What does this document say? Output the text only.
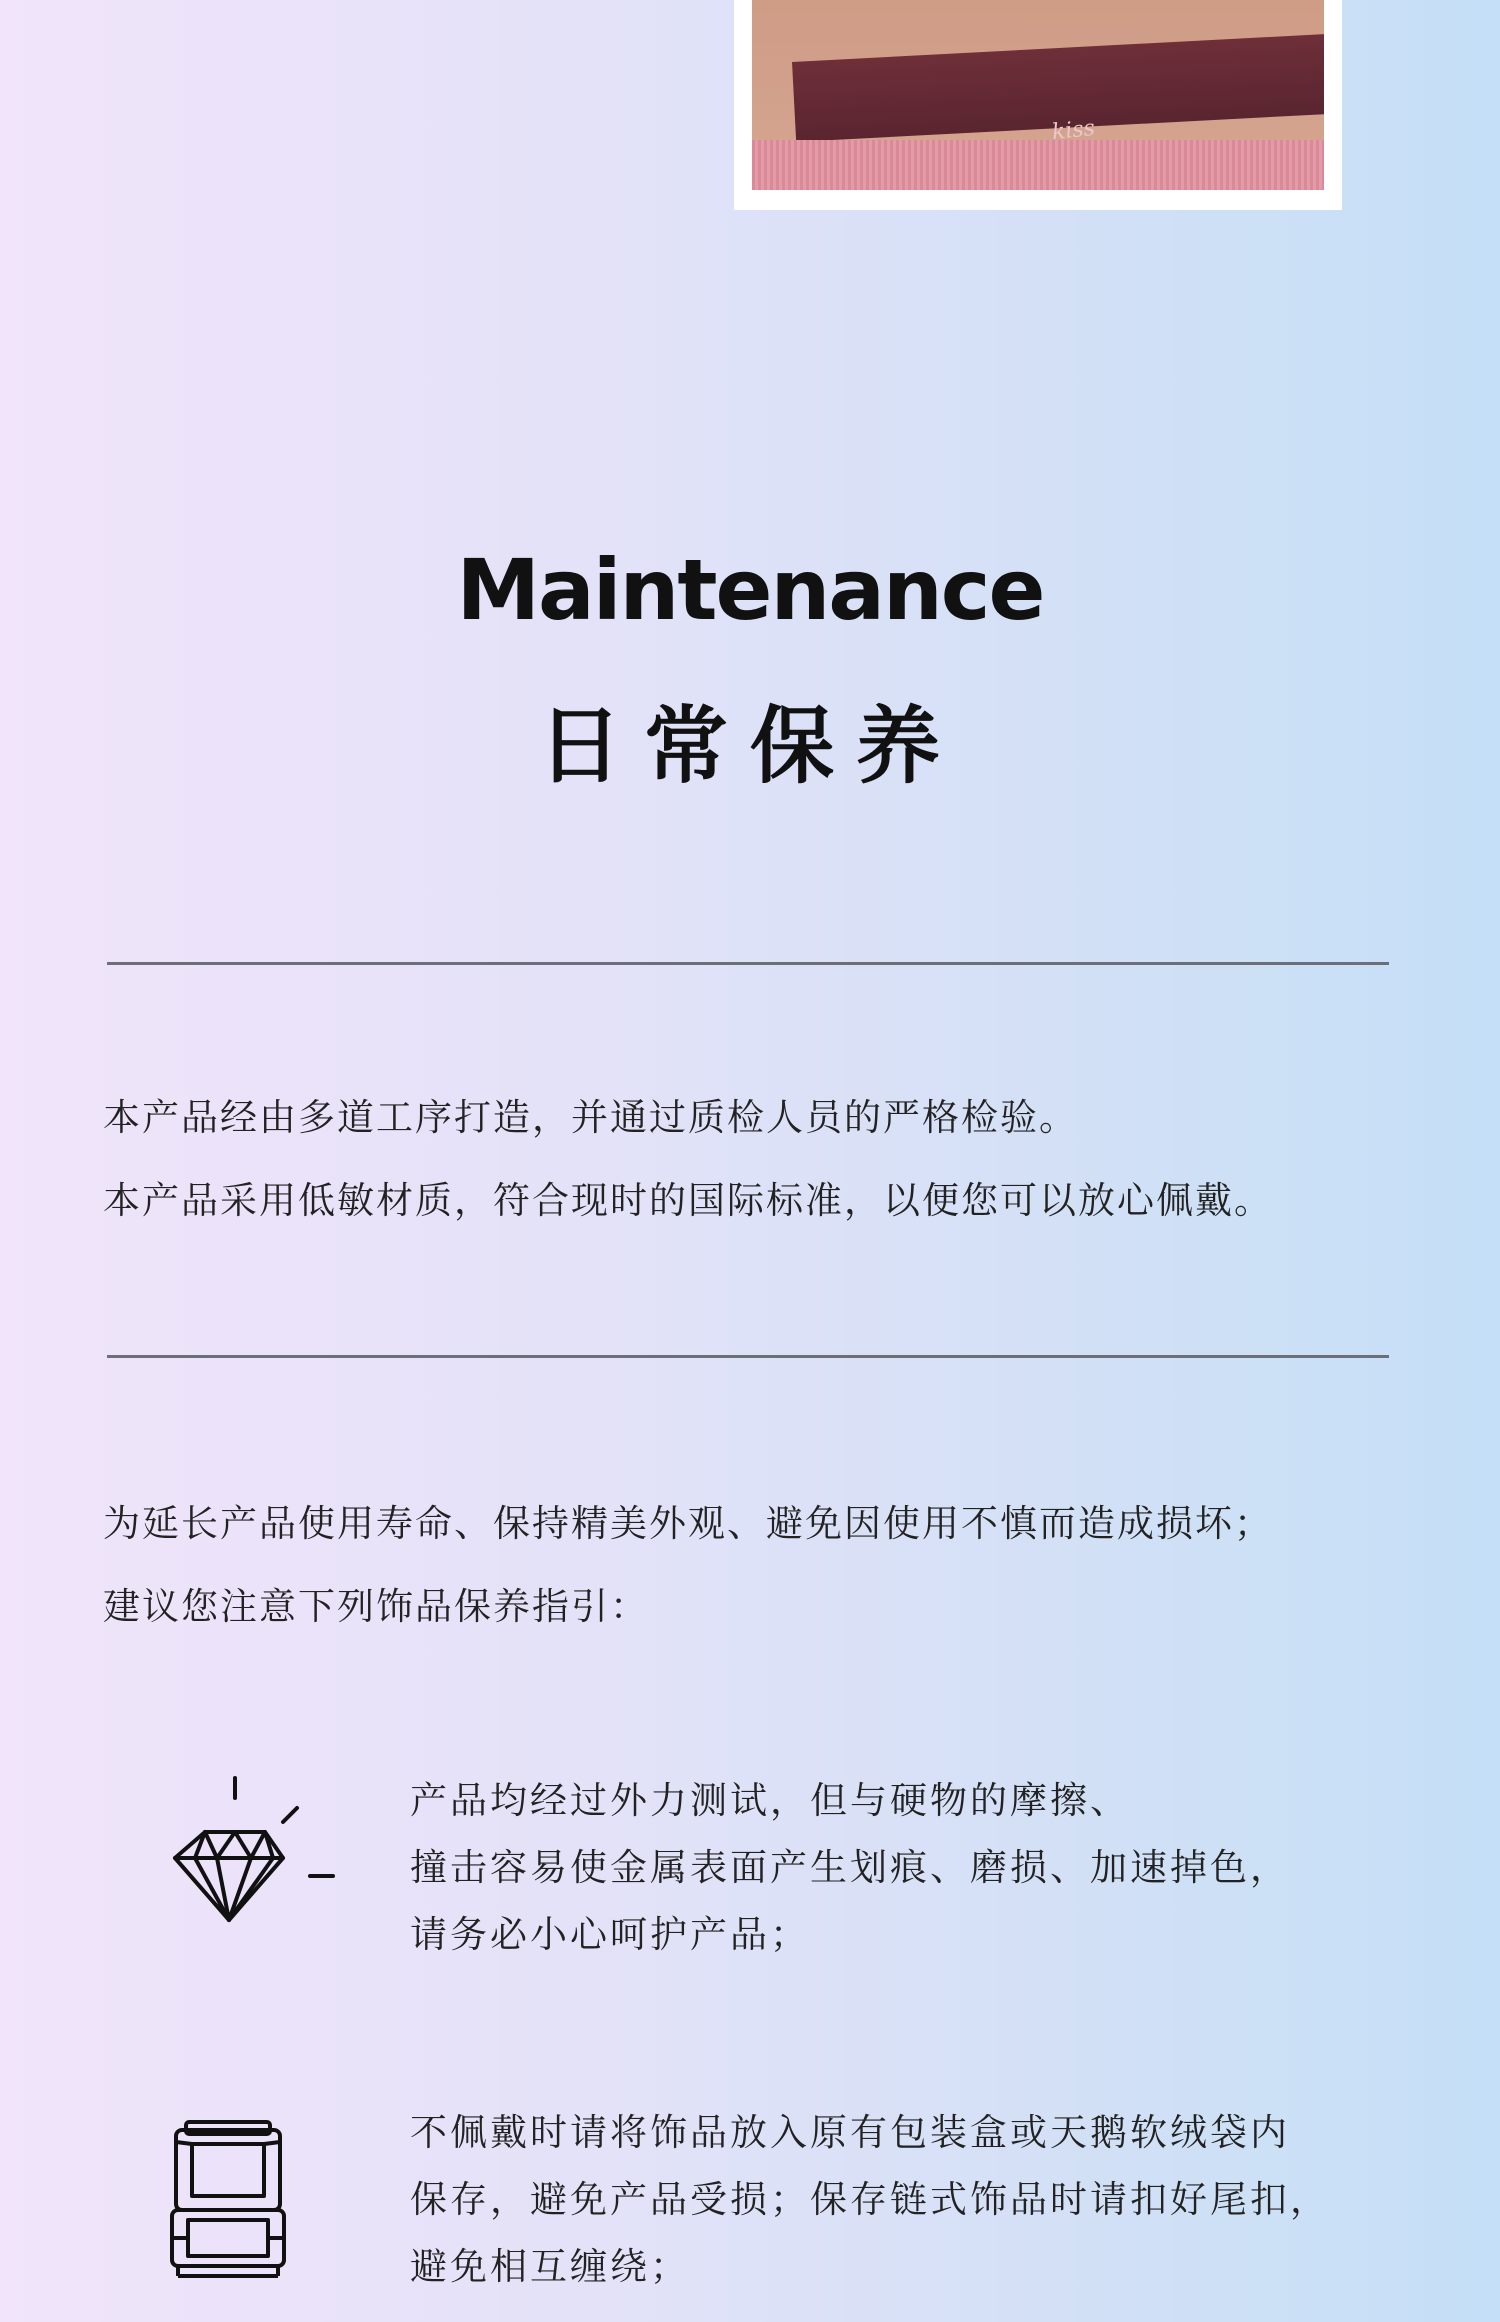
kiss
Maintenance
日常保养
本产品经由多道工序打造，并通过质检人员的严格检验。
本产品采用低敏材质，符合现时的国际标准，以便您可以放心佩戴。
为延长产品使用寿命、保持精美外观、避免因使用不慎而造成损坏；
建议您注意下列饰品保养指引：
产品均经过外力测试，但与硬物的摩擦、
撞击容易使金属表面产生划痕、磨损、加速掉色，
请务必小心呵护产品；
不佩戴时请将饰品放入原有包装盒或天鹅软绒袋内
保存，避免产品受损；保存链式饰品时请扣好尾扣，
避免相互缠绕；
